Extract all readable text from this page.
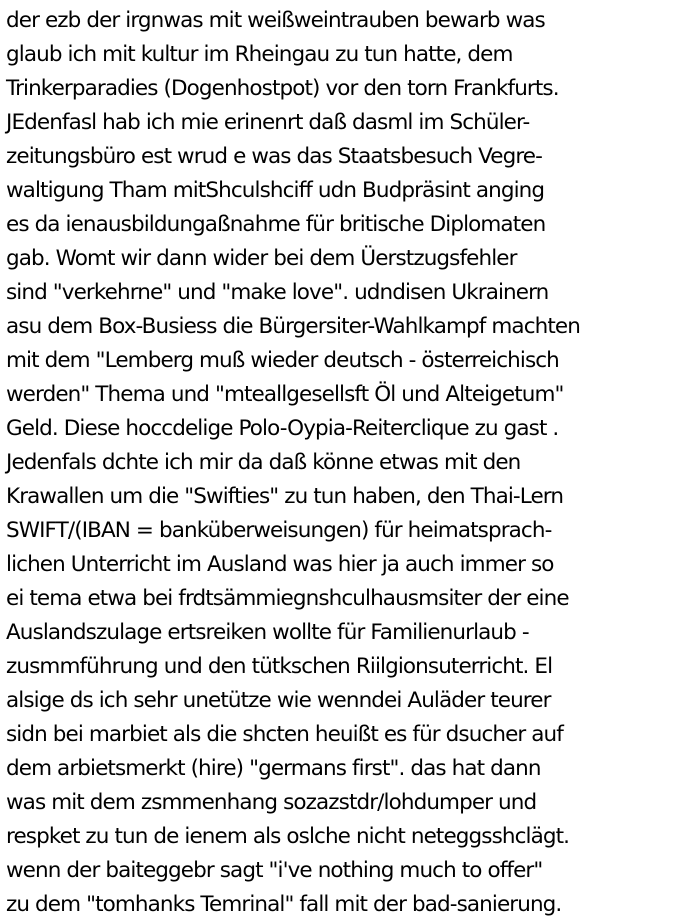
der ezb der irgnwas mit weißweintrauben bewarb was
glaub ich mit kultur im Rheingau zu tun hatte, dem
Trinkerparadies (Dogenhostpot) vor den torn Frankfurts.
JEdenfasl hab ich mie erinenrt daß dasml im Schüler-
zeitungsbüro est wrud e was das Staatsbesuch Vegre-
waltigung Tham mitShculshciff udn Budpräsint anging
es da ienausbildungaßnahme für britische Diplomaten
gab. Womt wir dann wider bei dem Üerstzugsfehler
sind "verkehrne" und "make love". udndisen Ukrainern
asu dem Box-Busiess die Bürgersiter-Wahlkampf machten
mit dem "Lemberg muß wieder deutsch - österreichisch
werden" Thema und "mteallgesellsft Öl und Alteigetum"
Geld. Diese hoccdelige Polo-Oypia-Reiterclique zu gast .
Jedenfals dchte ich mir da daß könne etwas mit den
Krawallen um die "Swifties" zu tun haben, den Thai-Lern
SWIFT/(IBAN = banküberweisungen) für heimatsprach-
lichen Unterricht im Ausland was hier ja auch immer so
ei tema etwa bei frdtsämmiegnshculhausmsiter der eine
Auslandszulage ertsreiken wollte für Familienurlaub -
zusmmführung und den tütkschen Riilgionsuterricht. El
alsige ds ich sehr unetütze wie wenndei Auläder teurer
sidn bei marbiet als die shcten heuißt es für dsucher auf
dem arbietsmerkt (hire) "germans first". das hat dann
was mit dem zsmmenhang sozazstdr/lohdumper und
respket zu tun de ienem als oslche nicht neteggsshclägt.
wenn der baiteggebr sagt "i've nothing much to offer"
zu dem "tomhanks Temrinal" fall mit der bad-sanierung.
